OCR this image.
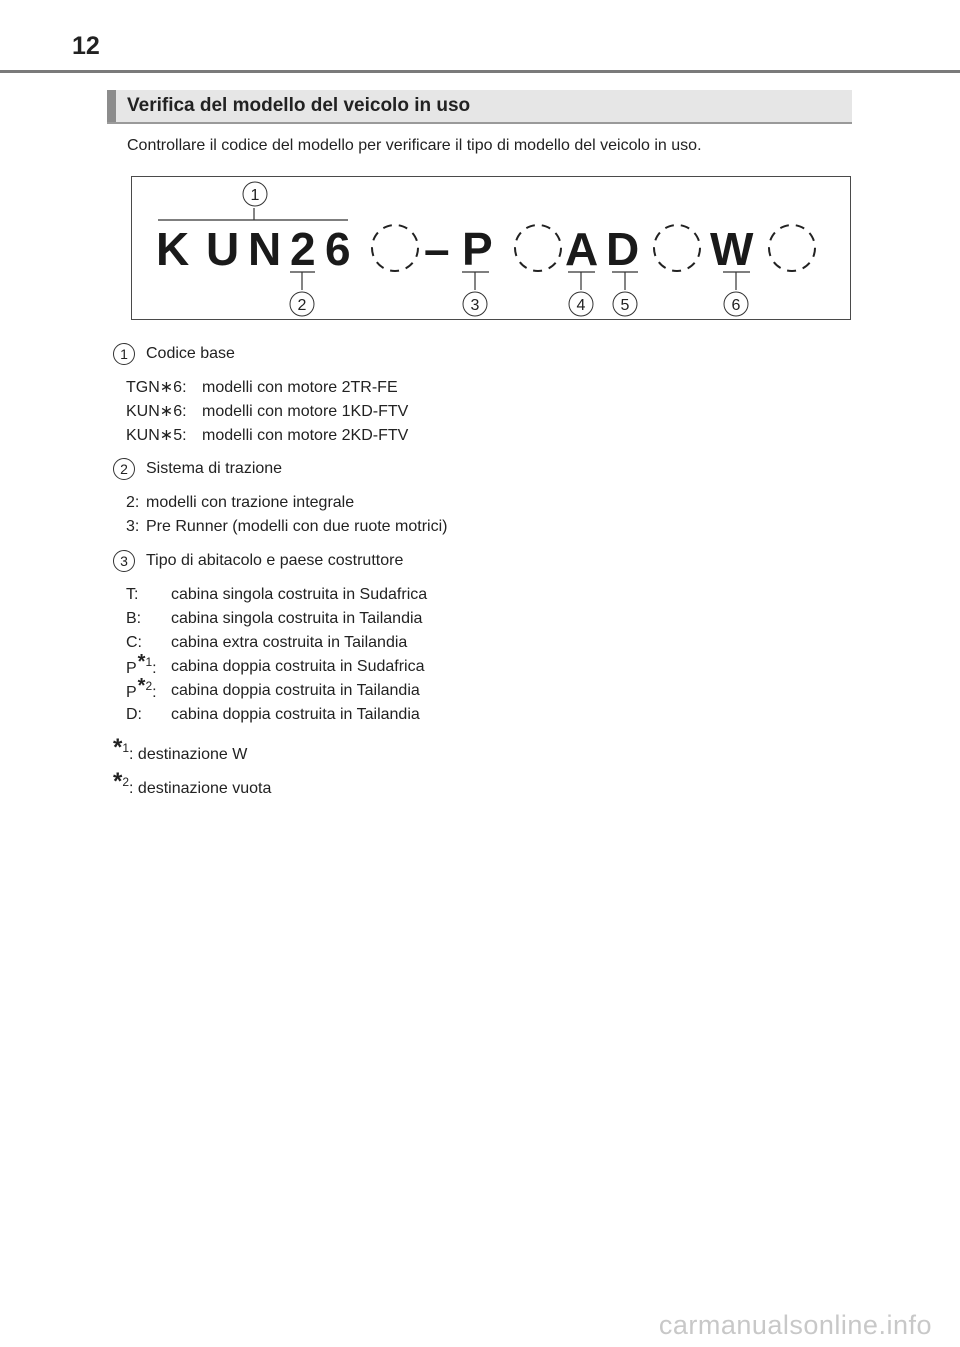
12
Verifica del modello del veicolo in uso
Controllare il codice del modello per verificare il tipo di modello del veicolo in uso.
1
K U N 2 6 – P A D W
2	3	4 5	6
1	Codice base
TGN∗6: modelli con motore 2TR-FE
KUN∗6: modelli con motore 1KD-FTV
KUN∗5: modelli con motore 2KD-FTV
2	Sistema di trazione
2: modelli con trazione integrale
3: Pre Runner (modelli con due ruote motrici)
3	Tipo di abitacolo e paese costruttore
T:	cabina singola costruita in Sudafrica
B:	cabina singola costruita in Tailandia
C:	cabina extra costruita in Tailandia
P*$^1$: cabina doppia costruita in Sudafrica
P*$^2$: cabina doppia costruita in Tailandia
D:	cabina doppia costruita in Tailandia
*$^1$: destinazione W
*$^2$: destinazione vuota
carmanualsonline.info
